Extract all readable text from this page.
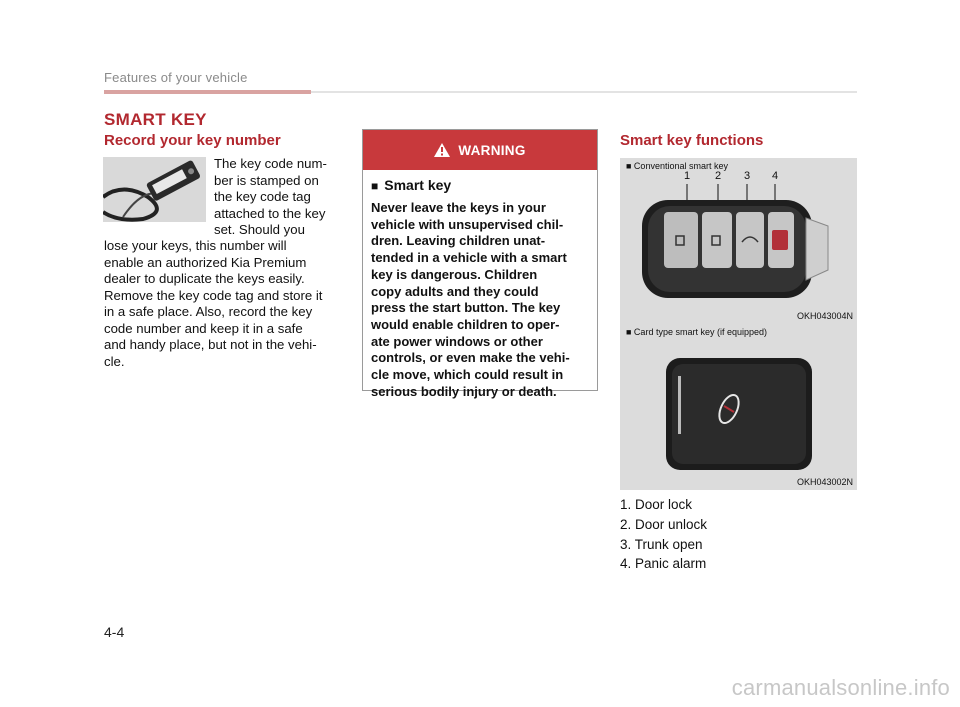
Features of your vehicle
SMART KEY
Record your key number
The key code num-
ber is stamped on
the key code tag
attached to the key
set. Should you
lose your keys, this number will
enable an authorized Kia Premium
dealer to duplicate the keys easily.
Remove the key code tag and store it
in a safe place. Also, record the key
code number and keep it in a safe
and handy place, but not in the vehi-
cle.
WARNING
■ Smart key
Never leave the keys in your
vehicle with unsupervised chil-
dren. Leaving children unat-
tended in a vehicle with a smart
key is dangerous. Children
copy adults and they could
press the start button. The key
would enable children to oper-
ate power windows or other
controls, or even make the vehi-
cle move, which could result in
serious bodily injury or death.
Smart key functions
■ Conventional smart key
1 2 3 4
OKH043004N
■ Card type smart key (if equipped)
OKH043002N
1. Door lock
2. Door unlock
3. Trunk open
4. Panic alarm
4-4
carmanualsonline.info
